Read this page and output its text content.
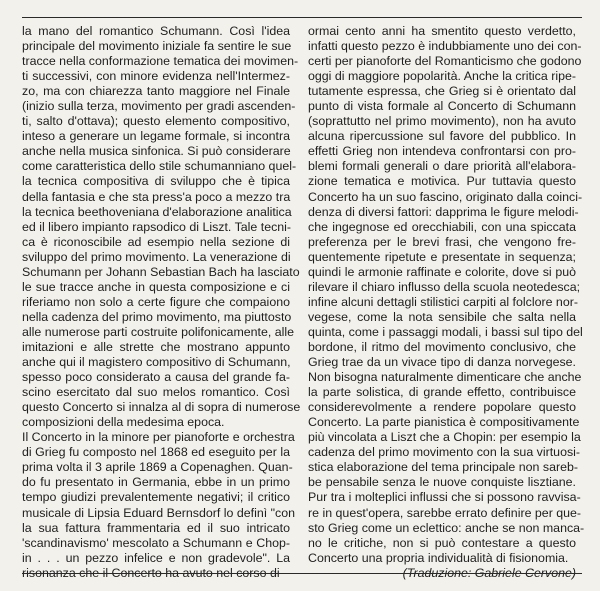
la mano del romantico Schumann. Così l'idea
principale del movimento iniziale fa sentire le sue
tracce nella conformazione tematica dei movimen-
ti successivi, con minore evidenza nell'Intermez-
zo, ma con chiarezza tanto maggiore nel Finale
(inizio sulla terza, movimento per gradi ascenden-
ti, salto d'ottava); questo elemento compositivo,
inteso a generare un legame formale, si incontra
anche nella musica sinfonica. Si può considerare
come caratteristica dello stile schumanniano quel-
la tecnica compositiva di sviluppo che è tipica
della fantasia e che sta press'a poco a mezzo tra
la tecnica beethoveniana d'elaborazione analitica
ed il libero impianto rapsodico di Liszt. Tale tecni-
ca è riconoscibile ad esempio nella sezione di
sviluppo del primo movimento. La venerazione di
Schumann per Johann Sebastian Bach ha lasciato
le sue tracce anche in questa composizione e ci
riferiamo non solo a certe figure che compaiono
nella cadenza del primo movimento, ma piuttosto
alle numerose parti costruite polifonicamente, alle
imitazioni e alle strette che mostrano appunto
anche qui il magistero compositivo di Schumann,
spesso poco considerato a causa del grande fa-
scino esercitato dal suo melos romantico. Così
questo Concerto si innalza al di sopra di numerose
composizioni della medesima epoca.

Il Concerto in la minore per pianoforte e orchestra
di Grieg fu composto nel 1868 ed eseguito per la
prima volta il 3 aprile 1869 a Copenaghen. Quan-
do fu presentato in Germania, ebbe in un primo
tempo giudizi prevalentemente negativi; il critico
musicale di Lipsia Eduard Bernsdorf lo definì "con
la sua fattura frammentaria ed il suo intricato
'scandinavismo' mescolato a Schumann e Chop-
in . . . un pezzo infelice e non gradevole". La
risonanza che il Concerto ha avuto nel corso di

ormai cento anni ha smentito questo verdetto,
infatti questo pezzo è indubbiamente uno dei con-
certi per pianoforte del Romanticismo che godono
oggi di maggiore popolarità. Anche la critica ripe-
tutamente espressa, che Grieg si è orientato dal
punto di vista formale al Concerto di Schumann
(soprattutto nel primo movimento), non ha avuto
alcuna ripercussione sul favore del pubblico. In
effetti Grieg non intendeva confrontarsi con pro-
blemi formali generali o dare priorità all'elabora-
zione tematica e motivica. Pur tuttavia questo
Concerto ha un suo fascino, originato dalla coinci-
denza di diversi fattori: dapprima le figure melodi-
che ingegnose ed orecchiabili, con una spiccata
preferenza per le brevi frasi, che vengono fre-
quentemente ripetute e presentate in sequenza;
quindi le armonie raffinate e colorite, dove si può
rilevare il chiaro influsso della scuola neotedesca;
infine alcuni dettagli stilistici carpiti al folclore nor-
vegese, come la nota sensibile che salta nella
quinta, come i passaggi modali, i bassi sul tipo del
bordone, il ritmo del movimento conclusivo, che
Grieg trae da un vivace tipo di danza norvegese.
Non bisogna naturalmente dimenticare che anche
la parte solistica, di grande effetto, contribuisce
considerevolmente a rendere popolare questo
Concerto. La parte pianistica è compositivamente
più vincolata a Liszt che a Chopin: per esempio la
cadenza del primo movimento con la sua virtuosi-
stica elaborazione del tema principale non sareb-
be pensabile senza le nuove conquiste lisztiane.
Pur tra i molteplici influssi che si possono ravvisa-
re in quest'opera, sarebbe errato definire per que-
sto Grieg come un eclettico: anche se non manca-
no le critiche, non si può contestare a questo
Concerto una propria individualità di fisionomia.

(Traduzione: Gabriele Cervone)
